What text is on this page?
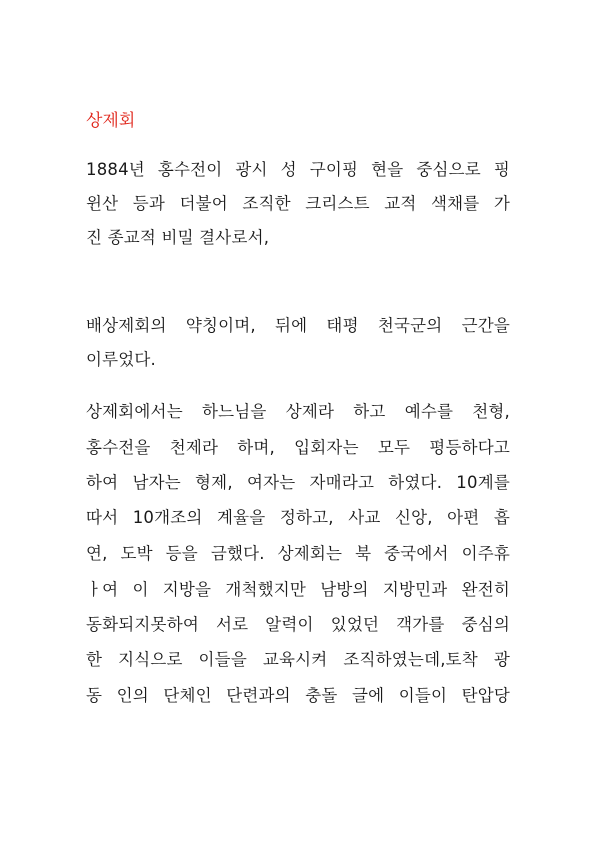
상제회
1884년 홍수전이 광시 성 구이핑 현을 중심으로 핑
윈산 등과 더불어 조직한 크리스트 교적 색채를 가
진 종교적 비밀 결사로서,
배상제회의 약칭이며, 뒤에 태평 천국군의 근간을
이루었다.
상제회에서는 하느님을 상제라 하고 예수를 천형,
홍수전을 천제라 하며, 입회자는 모두 평등하다고
하여 남자는 형제, 여자는 자매라고 하였다. 10계를
따서 10개조의 계율을 정하고, 사교 신앙, 아편 흡
연, 도박 등을 금했다. 상제회는 북 중국에서 이주휴
ㅏ여 이 지방을 개척했지만 남방의 지방민과 완전히
동화되지못하여 서로 알력이 있었던 객가를 중심의
한 지식으로 이들을 교육시켜 조직하였는데,토착 광
동 인의 단체인 단련과의 충돌 글에 이들이 탄압당
